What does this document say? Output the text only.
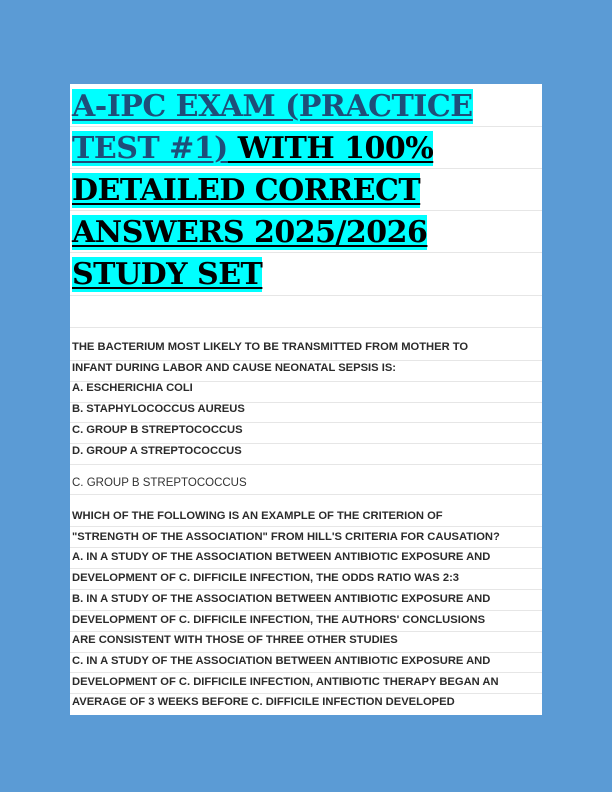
A-IPC EXAM (PRACTICE TEST #1) WITH 100% DETAILED CORRECT ANSWERS 2025/2026 STUDY SET
THE BACTERIUM MOST LIKELY TO BE TRANSMITTED FROM MOTHER TO
INFANT DURING LABOR AND CAUSE NEONATAL SEPSIS IS:
A. ESCHERICHIA COLI
B. STAPHYLOCOCCUS AUREUS
C. GROUP B STREPTOCOCCUS
D. GROUP A STREPTOCOCCUS
C. GROUP B STREPTOCOCCUS
WHICH OF THE FOLLOWING IS AN EXAMPLE OF THE CRITERION OF
"STRENGTH OF THE ASSOCIATION" FROM HILL'S CRITERIA FOR CAUSATION?
A. IN A STUDY OF THE ASSOCIATION BETWEEN ANTIBIOTIC EXPOSURE AND
DEVELOPMENT OF C. DIFFICILE INFECTION, THE ODDS RATIO WAS 2:3
B. IN A STUDY OF THE ASSOCIATION BETWEEN ANTIBIOTIC EXPOSURE AND
DEVELOPMENT OF C. DIFFICILE INFECTION, THE AUTHORS' CONCLUSIONS
ARE CONSISTENT WITH THOSE OF THREE OTHER STUDIES
C. IN A STUDY OF THE ASSOCIATION BETWEEN ANTIBIOTIC EXPOSURE AND
DEVELOPMENT OF C. DIFFICILE INFECTION, ANTIBIOTIC THERAPY BEGAN AN
AVERAGE OF 3 WEEKS BEFORE C. DIFFICILE INFECTION DEVELOPED
